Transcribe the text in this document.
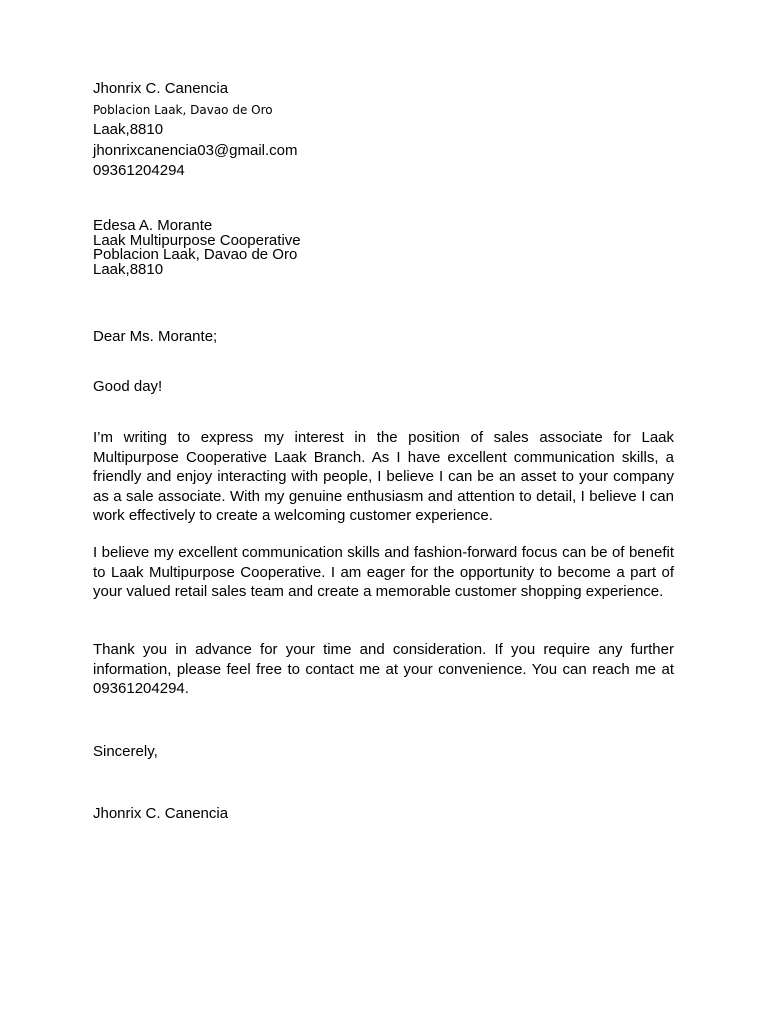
Jhonrix C. Canencia
Poblacion Laak, Davao de Oro
Laak,8810
jhonrixcanencia03@gmail.com
09361204294
Edesa A. Morante
Laak Multipurpose Cooperative
Poblacion Laak, Davao de Oro
Laak,8810
Dear Ms. Morante;
Good day!

I’m writing to express my interest in the position of sales associate for Laak Multipurpose Cooperative Laak Branch. As I have excellent communication skills, a friendly and enjoy interacting with people, I believe I can be an asset to your company as a sale associate. With my genuine enthusiasm and attention to detail, I believe I can work effectively to create a welcoming customer experience.

I believe my excellent communication skills and fashion-forward focus can be of benefit to Laak Multipurpose Cooperative. I am eager for the opportunity to become a part of your valued retail sales team and create a memorable customer shopping experience.

Thank you in advance for your time and consideration. If you require any further information, please feel free to contact me at your convenience. You can reach me at 09361204294.

Sincerely,
Jhonrix C. Canencia
